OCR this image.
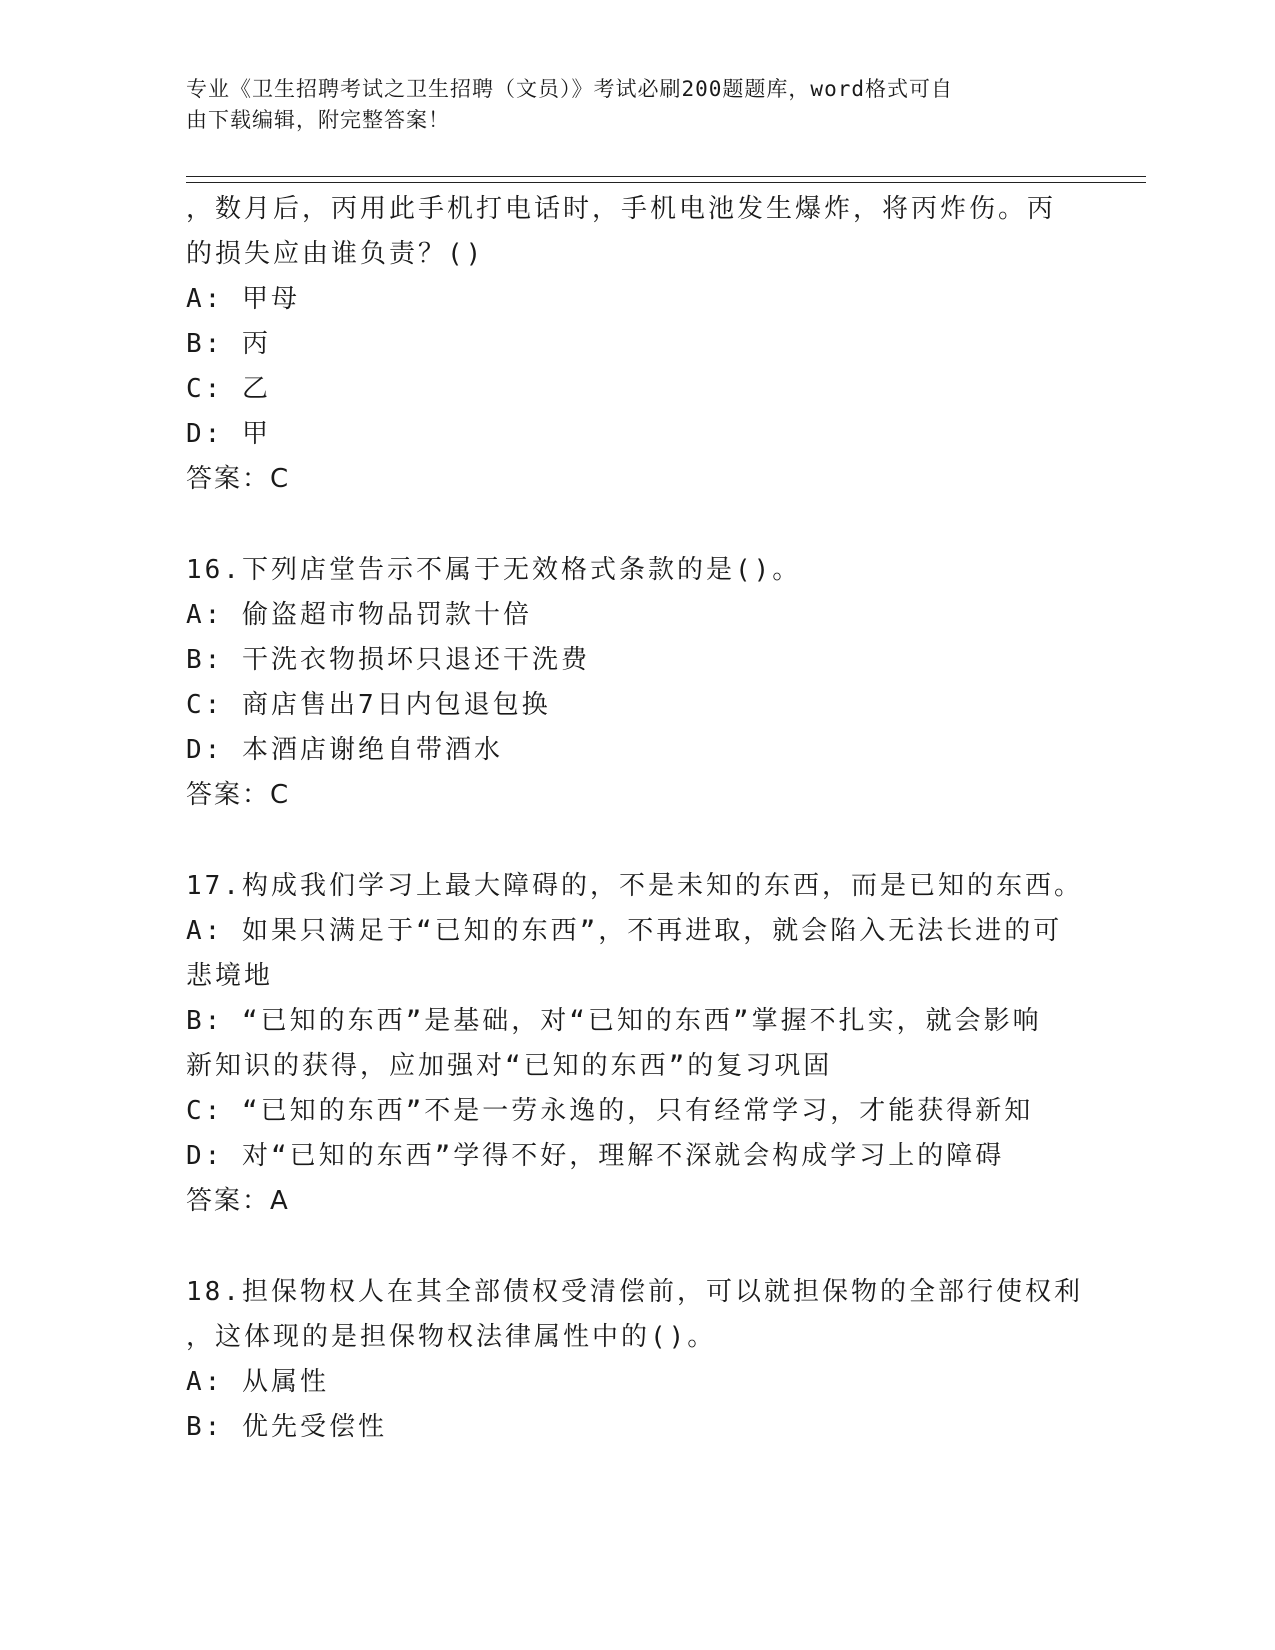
专业《卫生招聘考试之卫生招聘（文员）》考试必刷200题题库，word格式可自
由下载编辑，附完整答案！
，数月后，丙用此手机打电话时，手机电池发生爆炸，将丙炸伤。丙
的损失应由谁负责？()
A: 甲母
B: 丙
C: 乙
D: 甲
答案：C
16.下列店堂告示不属于无效格式条款的是()。
A: 偷盗超市物品罚款十倍
B: 干洗衣物损坏只退还干洗费
C: 商店售出7日内包退包换
D: 本酒店谢绝自带酒水
答案：C
17.构成我们学习上最大障碍的，不是未知的东西，而是已知的东西。
A: 如果只满足于“已知的东西”，不再进取，就会陷入无法长进的可
悲境地
B: “已知的东西”是基础，对“已知的东西”掌握不扎实，就会影响
新知识的获得，应加强对“已知的东西”的复习巩固
C: “已知的东西”不是一劳永逸的，只有经常学习，才能获得新知
D: 对“已知的东西”学得不好，理解不深就会构成学习上的障碍
答案：A
18.担保物权人在其全部债权受清偿前，可以就担保物的全部行使权利
，这体现的是担保物权法律属性中的()。
A: 从属性
B: 优先受偿性
